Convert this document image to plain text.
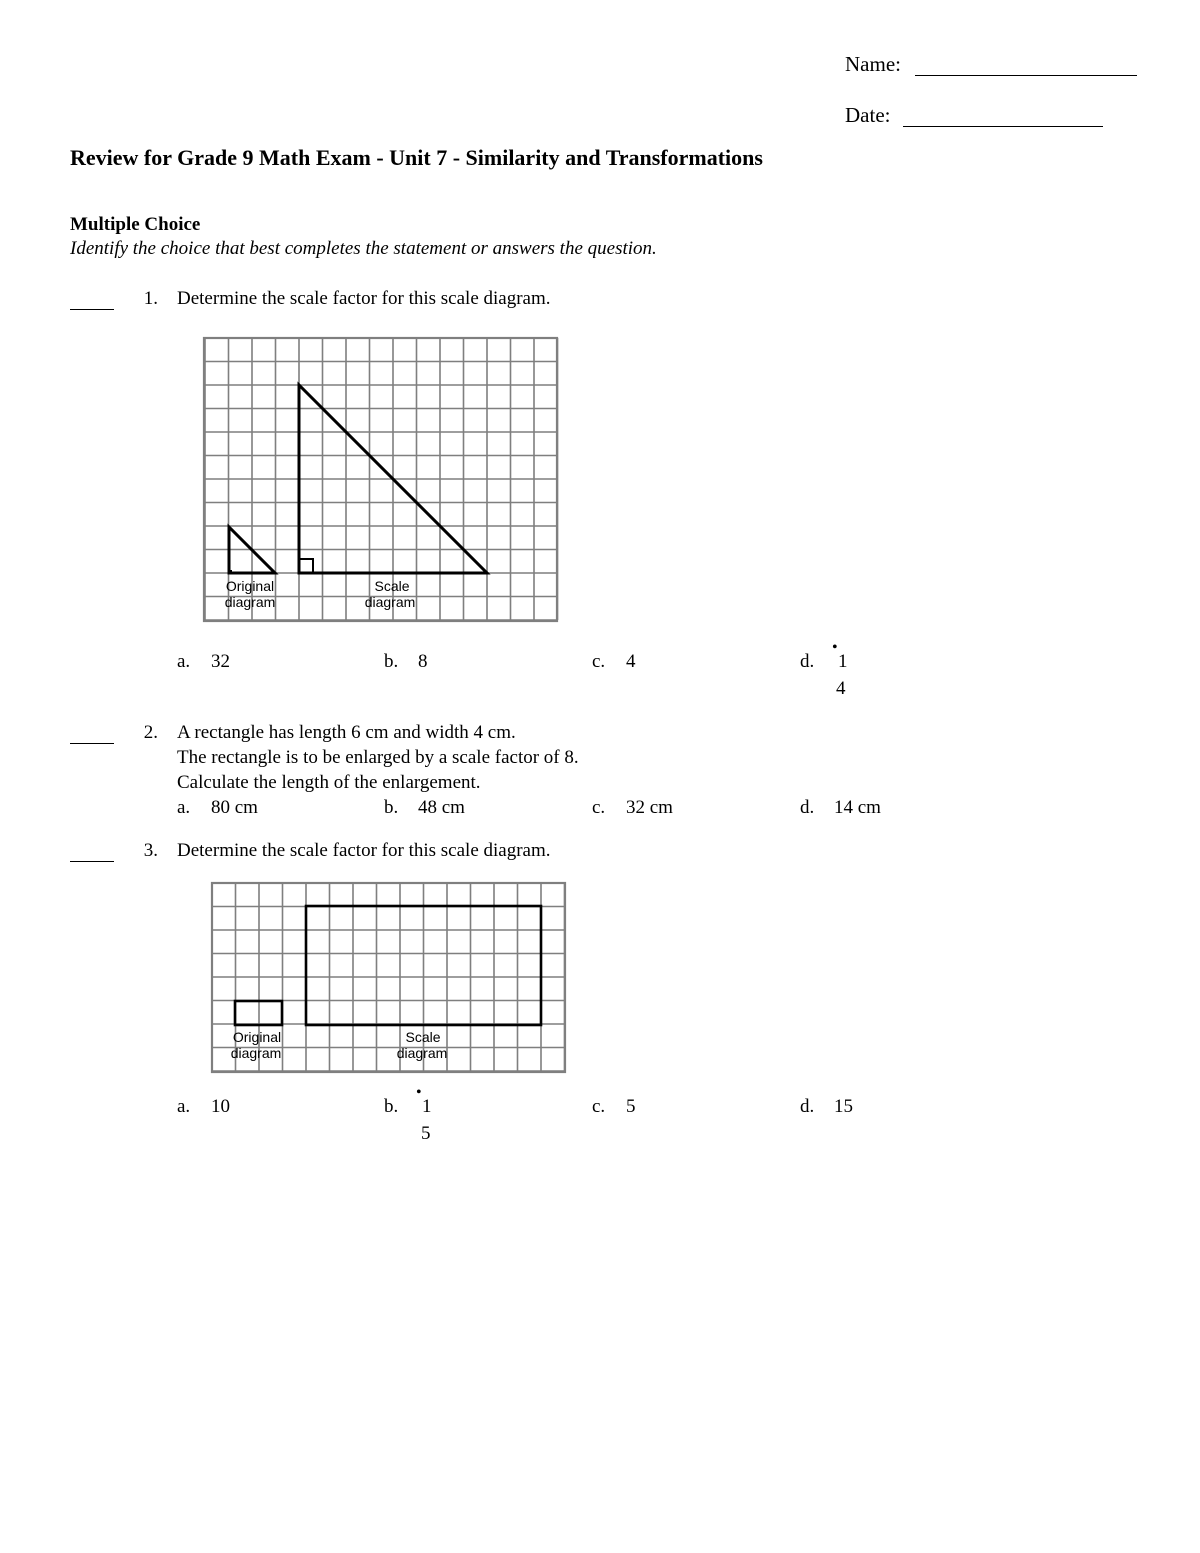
Name:
Date:
Review for Grade 9 Math Exam - Unit 7 - Similarity and Transformations
Multiple Choice
Identify the choice that best completes the statement or answers the question.
1. Determine the scale factor for this scale diagram.
Original
diagram
Scale
diagram
a. 32	b. 8	c. 4	d.
•
1
4
2. A rectangle has length 6 cm and width 4 cm.
The rectangle is to be enlarged by a scale factor of 8.
Calculate the length of the enlargement.
a. 80 cm	b. 48 cm	c. 32 cm	d. 14 cm
3. Determine the scale factor for this scale diagram.
Original
diagram
Scale
diagram
a. 10	b.
•
1
5
c. 5	d. 15
